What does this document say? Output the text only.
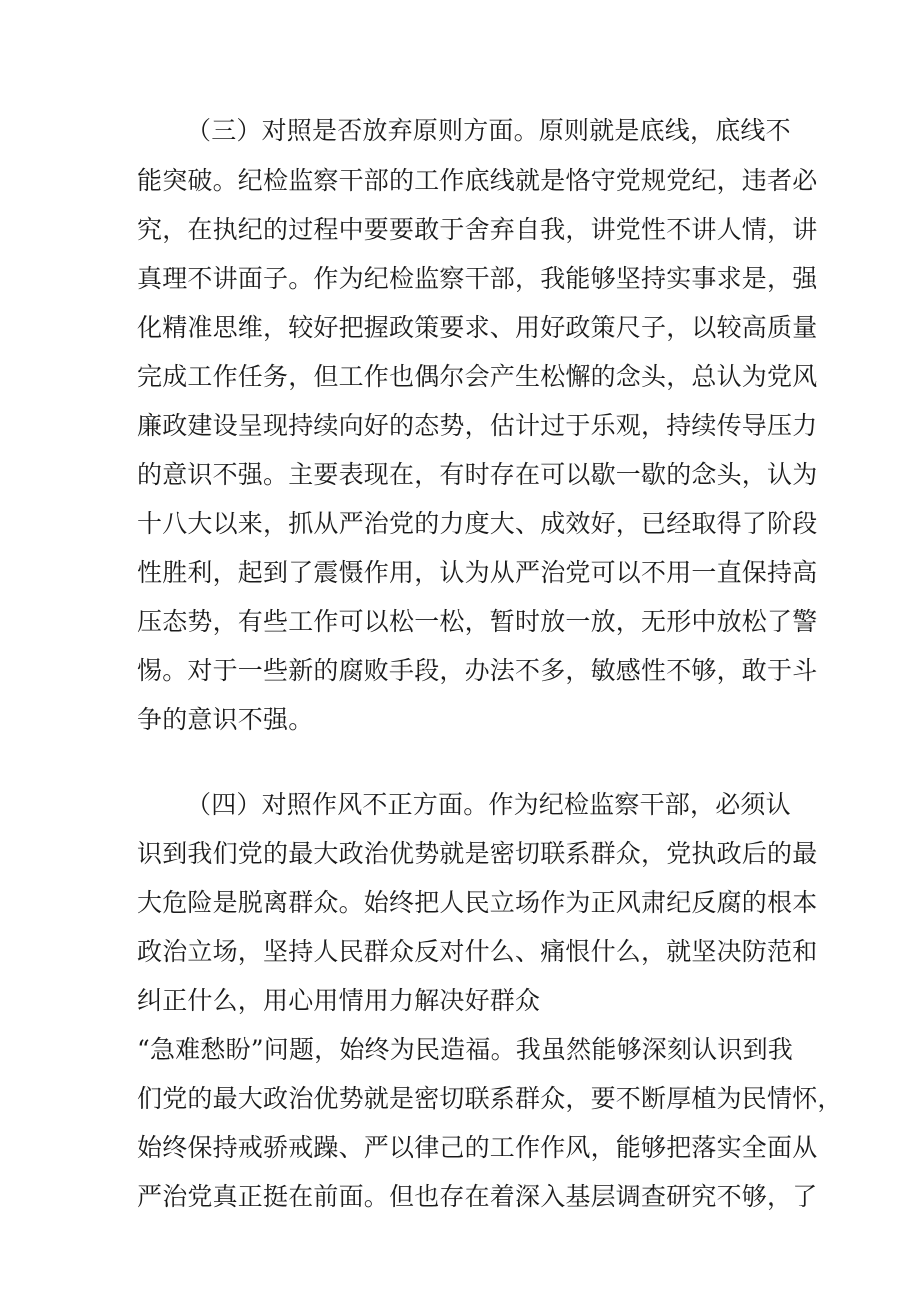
（三）对照是否放弃原则方面。原则就是底线，底线不
能突破。纪检监察干部的工作底线就是恪守党规党纪，违者必
究，在执纪的过程中要要敢于舍弃自我，讲党性不讲人情，讲
真理不讲面子。作为纪检监察干部，我能够坚持实事求是，强
化精准思维，较好把握政策要求、用好政策尺子，以较高质量
完成工作任务，但工作也偶尔会产生松懈的念头，总认为党风
廉政建设呈现持续向好的态势，估计过于乐观，持续传导压力
的意识不强。主要表现在，有时存在可以歇一歇的念头，认为
十八大以来，抓从严治党的力度大、成效好，已经取得了阶段
性胜利，起到了震慑作用，认为从严治党可以不用一直保持高
压态势，有些工作可以松一松，暂时放一放，无形中放松了警
惕。对于一些新的腐败手段，办法不多，敏感性不够，敢于斗
争的意识不强。
（四）对照作风不正方面。作为纪检监察干部，必须认
识到我们党的最大政治优势就是密切联系群众，党执政后的最
大危险是脱离群众。始终把人民立场作为正风肃纪反腐的根本
政治立场，坚持人民群众反对什么、痛恨什么，就坚决防范和
纠正什么，用心用情用力解决好群众
“急难愁盼”问题，始终为民造福。我虽然能够深刻认识到我
们党的最大政治优势就是密切联系群众，要不断厚植为民情怀，
始终保持戒骄戒躁、严以律己的工作作风，能够把落实全面从
严治党真正挺在前面。但也存在着深入基层调查研究不够，了
